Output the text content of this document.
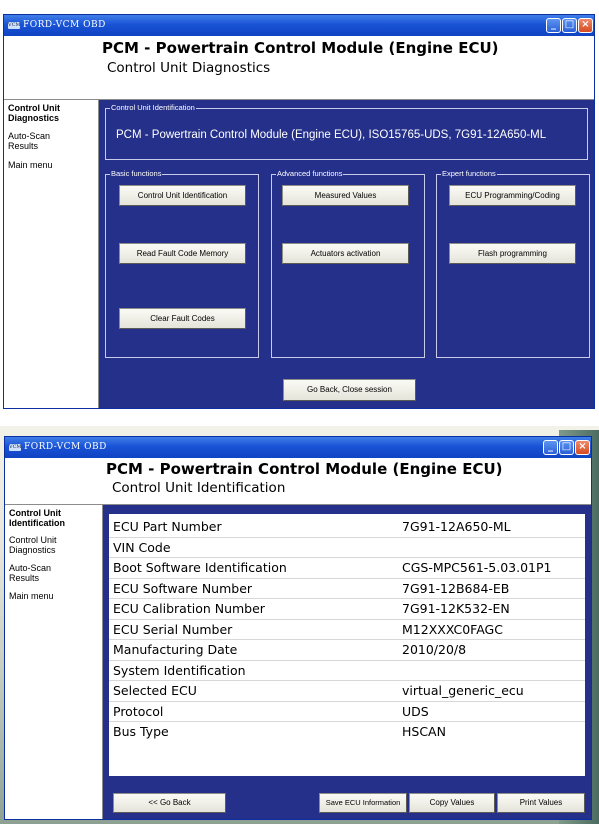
VCM FORD-VCM OBD	_ □ ×
PCM - Powertrain Control Module (Engine ECU)
Control Unit Diagnostics
Control Unit Diagnostics
Auto-Scan Results
Main menu
Control Unit Identification
PCM - Powertrain Control Module (Engine ECU), ISO15765-UDS, 7G91-12A650-ML
Basic functions
Control Unit Identification
Read Fault Code Memory
Clear Fault Codes
Advanced functions
Measured Values
Actuators activation
Expert functions
ECU Programming/Coding
Flash programming
Go Back, Close session
VCM FORD-VCM OBD	_ □ ×
PCM - Powertrain Control Module (Engine ECU)
Control Unit Identification
Control Unit Identification
Control Unit Diagnostics
Auto-Scan Results
Main menu
ECU Part Number	7G91-12A650-ML
VIN Code
Boot Software Identification	CGS-MPC561-5.03.01P1
ECU Software Number	7G91-12B684-EB
ECU Calibration Number	7G91-12K532-EN
ECU Serial Number	M12XXXC0FAGC
Manufacturing Date	2010/20/8
System Identification
Selected ECU	virtual_generic_ecu
Protocol	UDS
Bus Type	HSCAN
<< Go Back	Save ECU Information	Copy Values	Print Values
